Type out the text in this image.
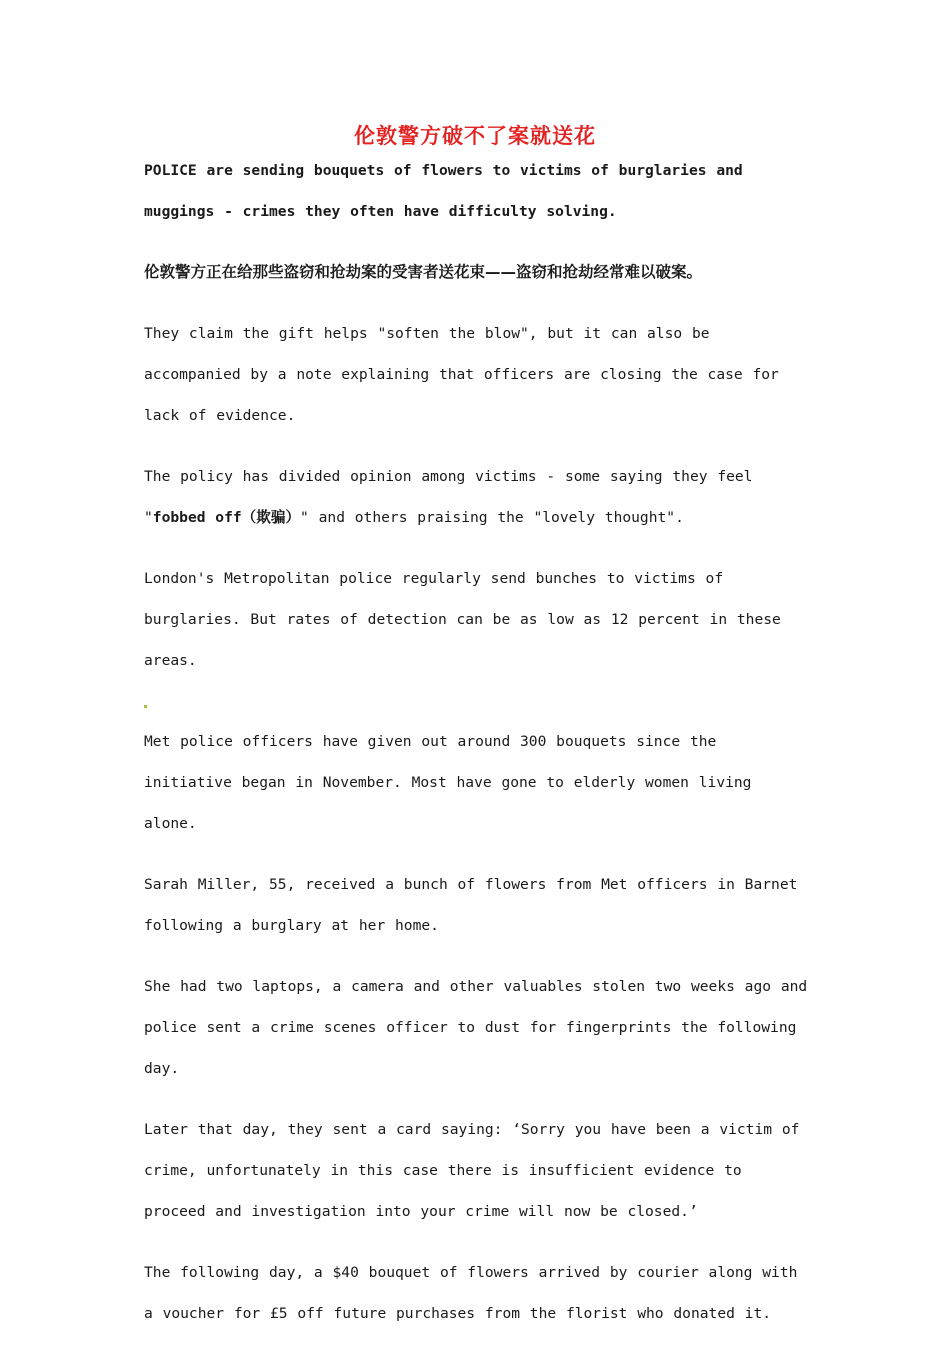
伦敦警方破不了案就送花

POLICE are sending bouquets of flowers to victims of burglaries and muggings - crimes they often have difficulty solving.

伦敦警方正在给那些盗窃和抢劫案的受害者送花束——盗窃和抢劫经常难以破案。

They claim the gift helps "soften the blow", but it can also be accompanied by a note explaining that officers are closing the case for lack of evidence.

The policy has divided opinion among victims - some saying they feel "fobbed off（欺骗）" and others praising the "lovely thought".

London's Metropolitan police regularly send bunches to victims of burglaries. But rates of detection can be as low as 12 percent in these areas.

Met police officers have given out around 300 bouquets since the initiative began in November. Most have gone to elderly women living alone.

Sarah Miller, 55, received a bunch of flowers from Met officers in Barnet following a burglary at her home.

She had two laptops, a camera and other valuables stolen two weeks ago and police sent a crime scenes officer to dust for fingerprints the following day.

Later that day, they sent a card saying: ‘Sorry you have been a victim of crime, unfortunately in this case there is insufficient evidence to proceed and investigation into your crime will now be closed.’

The following day, a $40 bouquet of flowers arrived by courier along with a voucher for £5 off future purchases from the florist who donated it.
